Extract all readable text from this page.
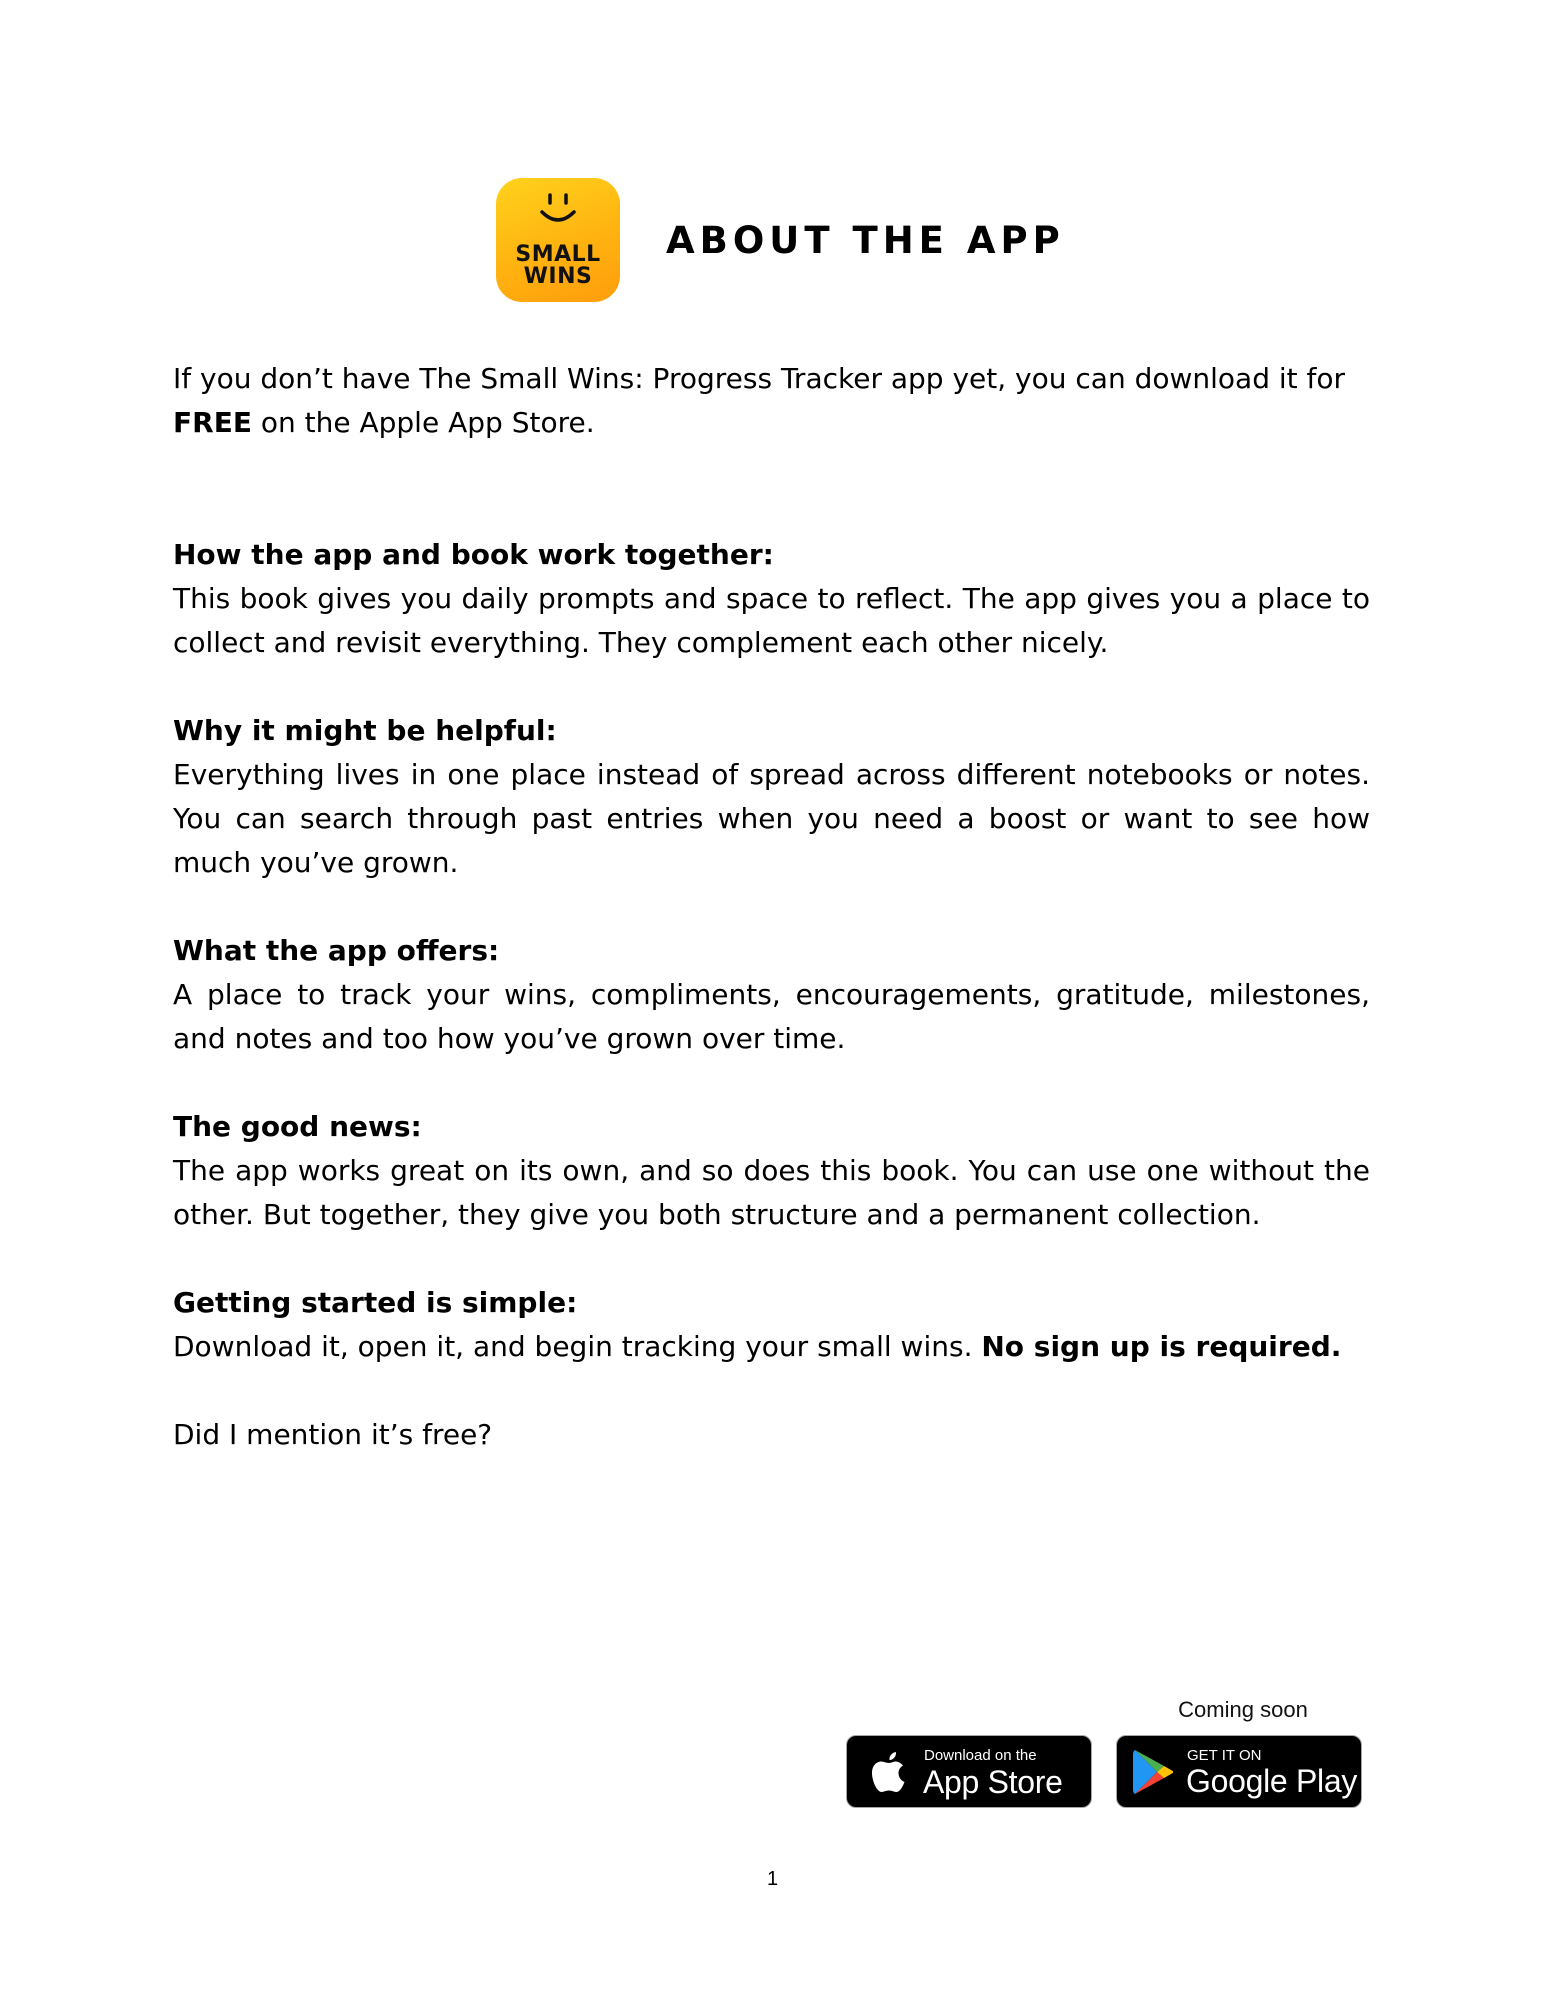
SMALL
WINS
ABOUT THE APP

If you don’t have The Small Wins: Progress Tracker app yet, you can download it for FREE on the Apple App Store.

How the app and book work together:

This book gives you daily prompts and space to reflect. The app gives you a place to collect and revisit everything. They complement each other nicely.

Why it might be helpful:

Everything lives in one place instead of spread across different notebooks or notes. You can search through past entries when you need a boost or want to see how much you’ve grown.

What the app offers:

A place to track your wins, compliments, encouragements, gratitude, milestones, and notes and too how you’ve grown over time.

The good news:

The app works great on its own, and so does this book. You can use one without the other. But together, they give you both structure and a permanent collection.

Getting started is simple:

Download it, open it, and begin tracking your small wins. No sign up is required.

Did I mention it’s free?

Coming soon
Download on the
App Store
GET IT ON
Google Play
1
